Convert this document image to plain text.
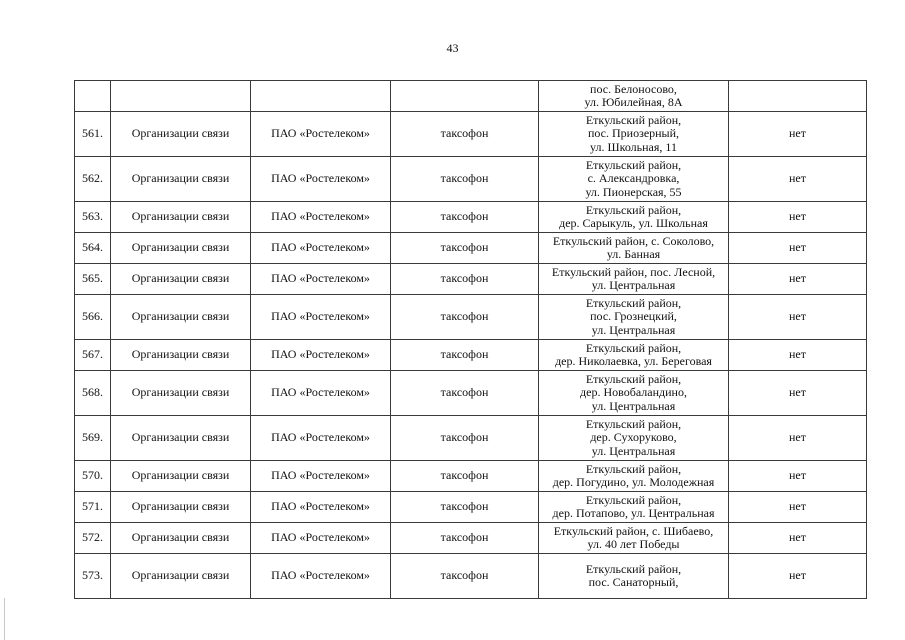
43

				пос. Белоносово,
ул. Юбилейная, 8А	

561.	Организации связи	ПАО «Ростелеком»	таксофон	Еткульский район,
пос. Приозерный,
ул. Школьная, 11	нет
562.	Организации связи	ПАО «Ростелеком»	таксофон	Еткульский район,
с. Александровка,
ул. Пионерская, 55	нет
563.	Организации связи	ПАО «Ростелеком»	таксофон	Еткульский район,
дер. Сарыкуль, ул. Школьная	нет
564.	Организации связи	ПАО «Ростелеком»	таксофон	Еткульский район, с. Соколово,
ул. Банная	нет
565.	Организации связи	ПАО «Ростелеком»	таксофон	Еткульский район, пос. Лесной,
ул. Центральная	нет
566.	Организации связи	ПАО «Ростелеком»	таксофон	Еткульский район,
пос. Грознецкий,
ул. Центральная	нет
567.	Организации связи	ПАО «Ростелеком»	таксофон	Еткульский район,
дер. Николаевка, ул. Береговая	нет
568.	Организации связи	ПАО «Ростелеком»	таксофон	Еткульский район,
дер. Новобаландино,
ул. Центральная	нет
569.	Организации связи	ПАО «Ростелеком»	таксофон	Еткульский район,
дер. Сухоруково,
ул. Центральная	нет
570.	Организации связи	ПАО «Ростелеком»	таксофон	Еткульский район,
дер. Погудино, ул. Молодежная	нет
571.	Организации связи	ПАО «Ростелеком»	таксофон	Еткульский район,
дер. Потапово, ул. Центральная	нет
572.	Организации связи	ПАО «Ростелеком»	таксофон	Еткульский район, с. Шибаево,
ул. 40 лет Победы	нет
573.	Организации связи	ПАО «Ростелеком»	таксофон	Еткульский район,
пос. Санаторный,	нет
